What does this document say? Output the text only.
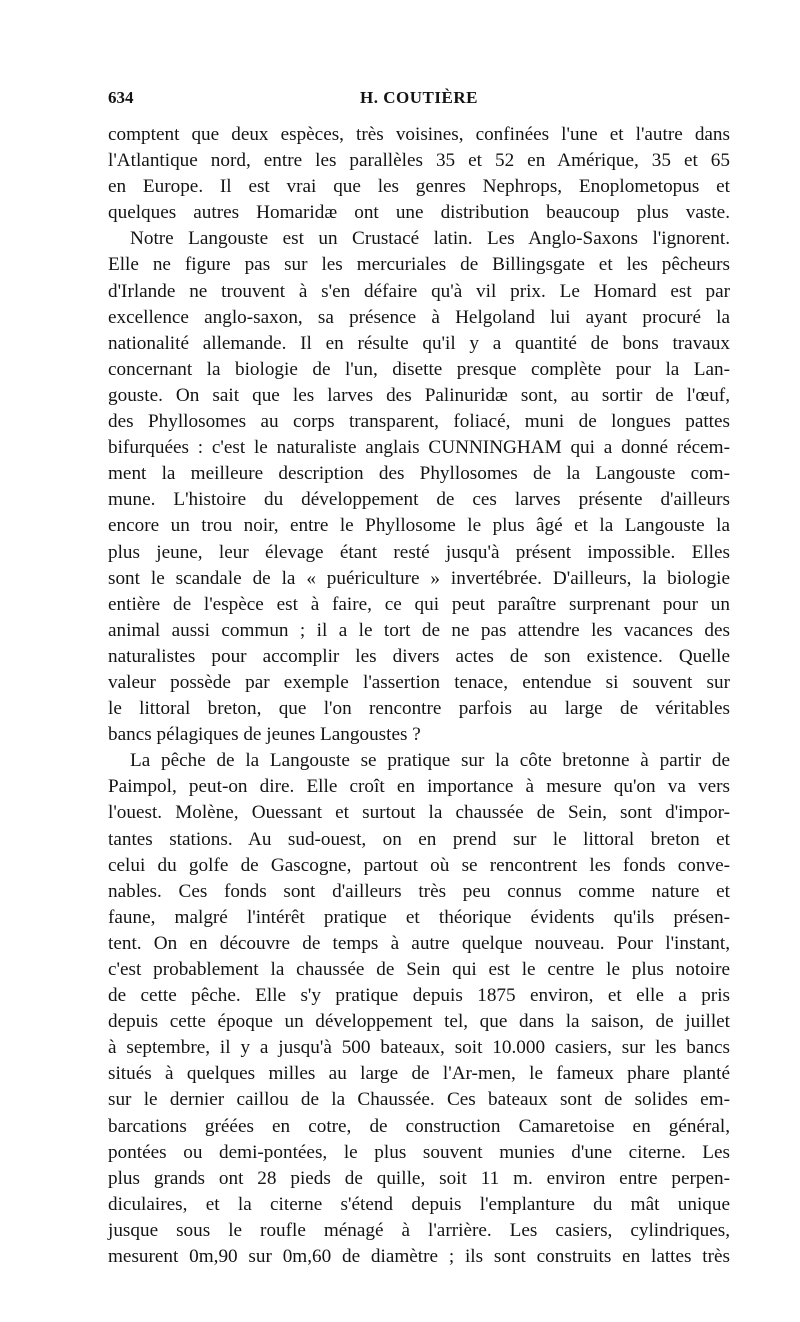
634	H. COUTIÈRE
comptent que deux espèces, très voisines, confinées l'une et l'autre dans
l'Atlantique nord, entre les parallèles 35 et 52 en Amérique, 35 et 65
en Europe. Il est vrai que les genres Nephrops, Enoplometopus et
quelques autres Homaridæ ont une distribution beaucoup plus vaste.
Notre Langouste est un Crustacé latin. Les Anglo-Saxons l'ignorent.
Elle ne figure pas sur les mercuriales de Billingsgate et les pêcheurs
d'Irlande ne trouvent à s'en défaire qu'à vil prix. Le Homard est par
excellence anglo-saxon, sa présence à Helgoland lui ayant procuré la
nationalité allemande. Il en résulte qu'il y a quantité de bons travaux
concernant la biologie de l'un, disette presque complète pour la Lan-
gouste. On sait que les larves des Palinuridæ sont, au sortir de l'œuf,
des Phyllosomes au corps transparent, foliacé, muni de longues pattes
bifurquées : c'est le naturaliste anglais CUNNINGHAM qui a donné récem-
ment la meilleure description des Phyllosomes de la Langouste com-
mune. L'histoire du développement de ces larves présente d'ailleurs
encore un trou noir, entre le Phyllosome le plus âgé et la Langouste la
plus jeune, leur élevage étant resté jusqu'à présent impossible. Elles
sont le scandale de la « puériculture » invertébrée. D'ailleurs, la biologie
entière de l'espèce est à faire, ce qui peut paraître surprenant pour un
animal aussi commun ; il a le tort de ne pas attendre les vacances des
naturalistes pour accomplir les divers actes de son existence. Quelle
valeur possède par exemple l'assertion tenace, entendue si souvent sur
le littoral breton, que l'on rencontre parfois au large de véritables
bancs pélagiques de jeunes Langoustes ?
La pêche de la Langouste se pratique sur la côte bretonne à partir de
Paimpol, peut-on dire. Elle croît en importance à mesure qu'on va vers
l'ouest. Molène, Ouessant et surtout la chaussée de Sein, sont d'impor-
tantes stations. Au sud-ouest, on en prend sur le littoral breton et
celui du golfe de Gascogne, partout où se rencontrent les fonds conve-
nables. Ces fonds sont d'ailleurs très peu connus comme nature et
faune, malgré l'intérêt pratique et théorique évidents qu'ils présen-
tent. On en découvre de temps à autre quelque nouveau. Pour l'instant,
c'est probablement la chaussée de Sein qui est le centre le plus notoire
de cette pêche. Elle s'y pratique depuis 1875 environ, et elle a pris
depuis cette époque un développement tel, que dans la saison, de juillet
à septembre, il y a jusqu'à 500 bateaux, soit 10.000 casiers, sur les bancs
situés à quelques milles au large de l'Ar-men, le fameux phare planté
sur le dernier caillou de la Chaussée. Ces bateaux sont de solides em-
barcations gréées en cotre, de construction Camaretoise en général,
pontées ou demi-pontées, le plus souvent munies d'une citerne. Les
plus grands ont 28 pieds de quille, soit 11 m. environ entre perpen-
diculaires, et la citerne s'étend depuis l'emplanture du mât unique
jusque sous le roufle ménagé à l'arrière. Les casiers, cylindriques,
mesurent 0m,90 sur 0m,60 de diamètre ; ils sont construits en lattes très
